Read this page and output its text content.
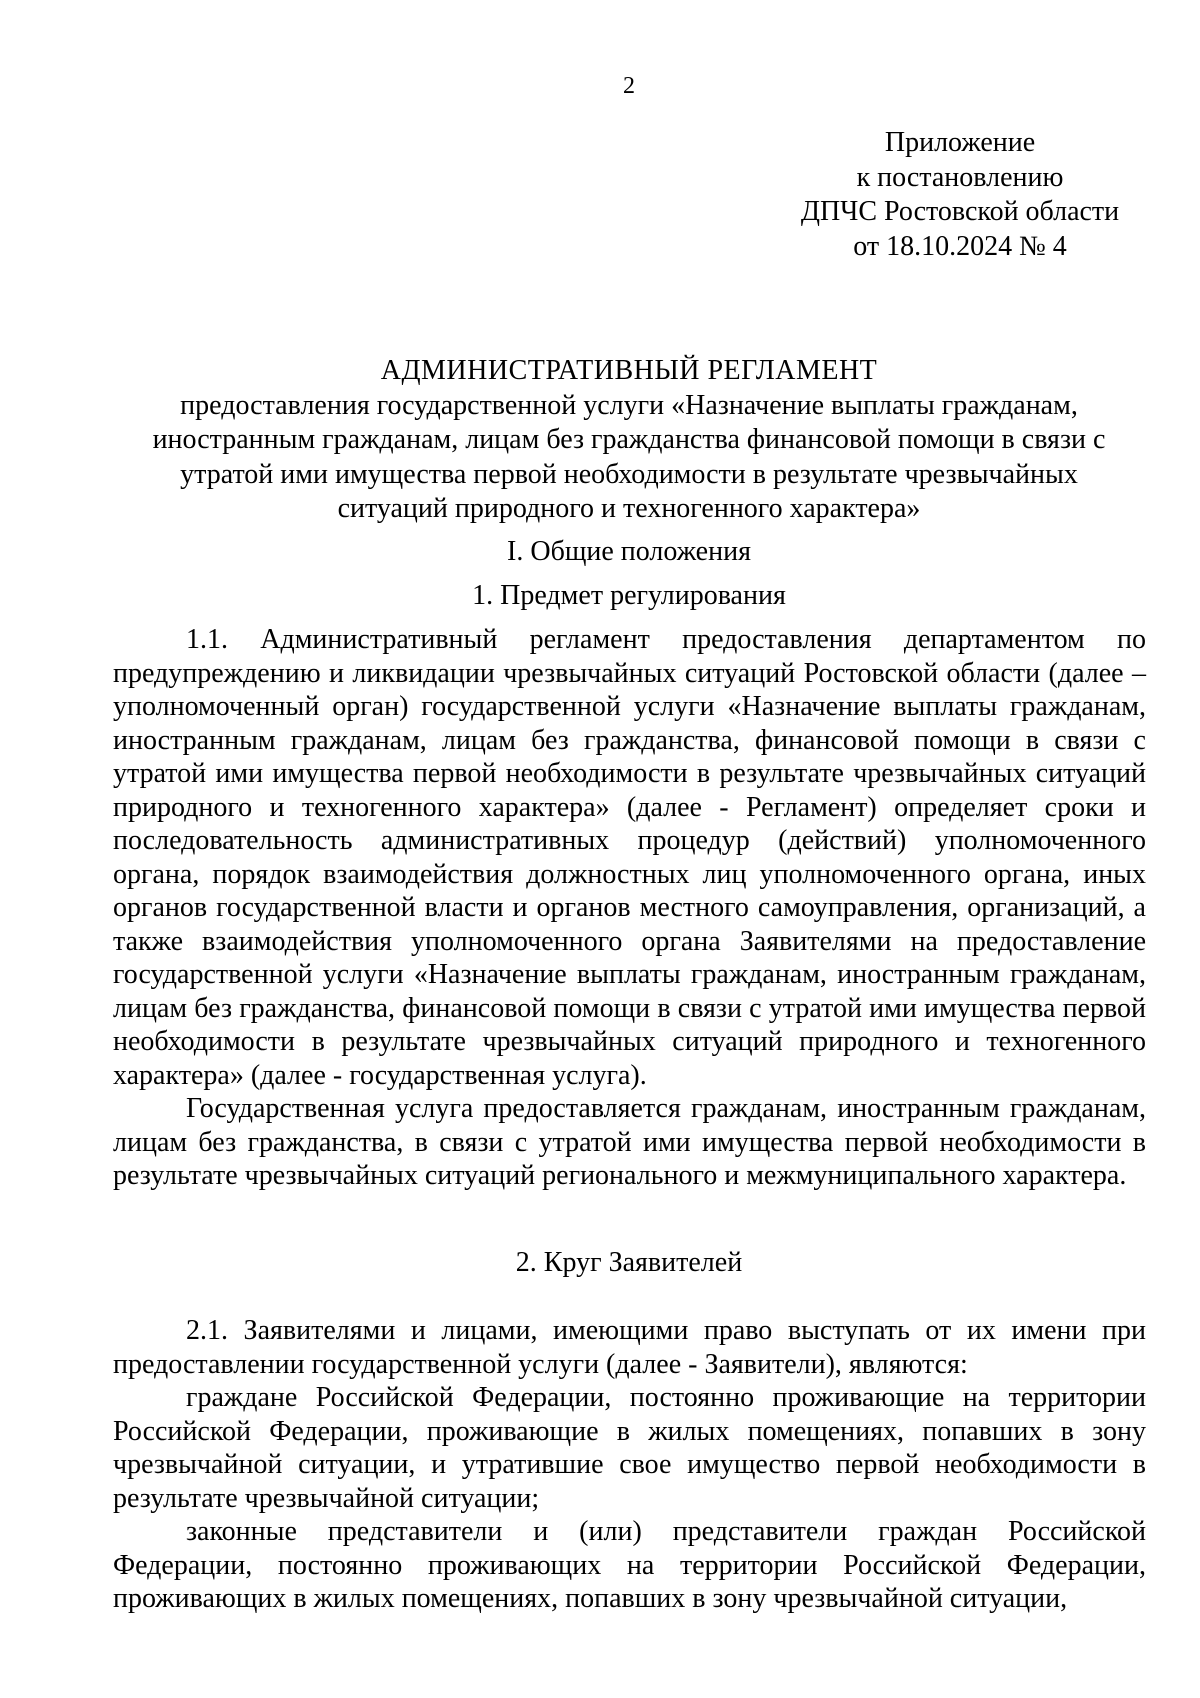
2
Приложение
к постановлению
ДПЧС Ростовской области
от 18.10.2024 № 4
АДМИНИСТРАТИВНЫЙ РЕГЛАМЕНТ
предоставления государственной услуги «Назначение выплаты гражданам,
иностранным гражданам, лицам без гражданства финансовой помощи в связи с
утратой ими имущества первой необходимости в результате чрезвычайных
ситуаций природного и техногенного характера»
I. Общие положения
1. Предмет регулирования

1.1. Административный регламент предоставления департаментом по предупреждению и ликвидации чрезвычайных ситуаций Ростовской области (далее – уполномоченный орган) государственной услуги «Назначение выплаты гражданам, иностранным гражданам, лицам без гражданства, финансовой помощи в связи с утратой ими имущества первой необходимости в результате чрезвычайных ситуаций природного и техногенного характера» (далее - Регламент) определяет сроки и последовательность административных процедур (действий) уполномоченного органа, порядок взаимодействия должностных лиц уполномоченного органа, иных органов государственной власти и органов местного самоуправления, организаций, а также взаимодействия уполномоченного органа Заявителями на предоставление государственной услуги «Назначение выплаты гражданам, иностранным гражданам, лицам без гражданства, финансовой помощи в связи с утратой ими имущества первой необходимости в результате чрезвычайных ситуаций природного и техногенного характера» (далее - государственная услуга).

Государственная услуга предоставляется гражданам, иностранным гражданам, лицам без гражданства, в связи с утратой ими имущества первой необходимости в результате чрезвычайных ситуаций регионального и межмуниципального характера.

2. Круг Заявителей

2.1. Заявителями и лицами, имеющими право выступать от их имени при предоставлении государственной услуги (далее - Заявители), являются:

граждане Российской Федерации, постоянно проживающие на территории Российской Федерации, проживающие в жилых помещениях, попавших в зону чрезвычайной ситуации, и утратившие свое имущество первой необходимости в результате чрезвычайной ситуации;

законные представители и (или) представители граждан Российской Федерации, постоянно проживающих на территории Российской Федерации, проживающих в жилых помещениях, попавших в зону чрезвычайной ситуации,
